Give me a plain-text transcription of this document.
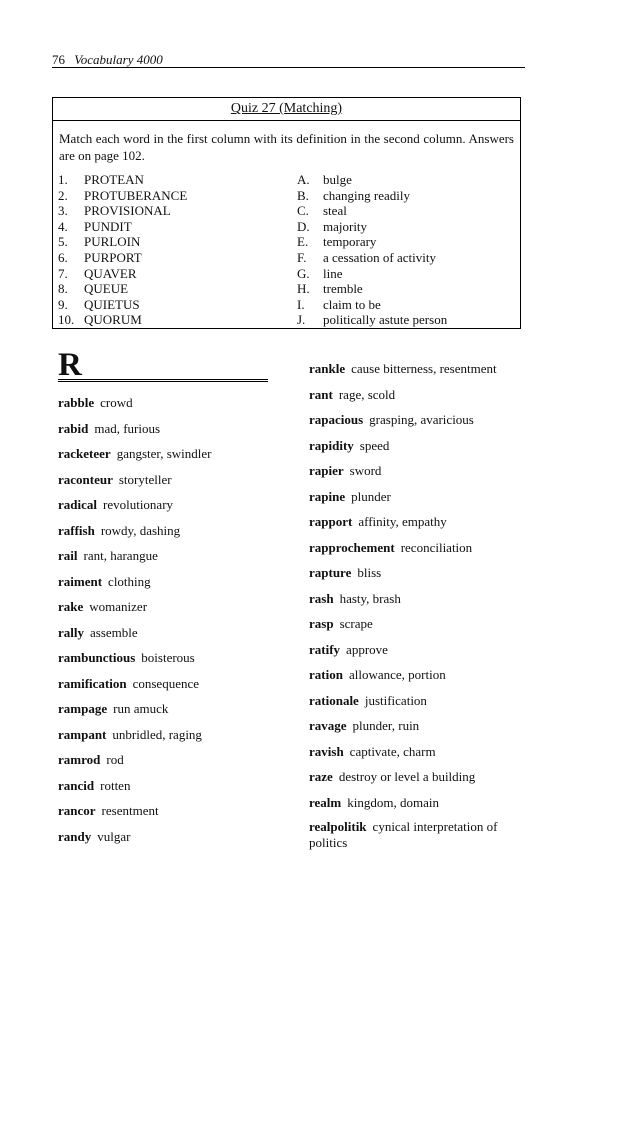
76 Vocabulary 4000
Quiz 27 (Matching)
Match each word in the first column with its definition in the second column. Answers are on page 102.
1. PROTEAN
2. PROTUBERANCE
3. PROVISIONAL
4. PUNDIT
5. PURLOIN
6. PURPORT
7. QUAVER
8. QUEUE
9. QUIETUS
10. QUORUM
A. bulge
B. changing readily
C. steal
D. majority
E. temporary
F. a cessation of activity
G. line
H. tremble
I. claim to be
J. politically astute person
R
rabble crowd
rabid mad, furious
racketeer gangster, swindler
raconteur storyteller
radical revolutionary
raffish rowdy, dashing
rail rant, harangue
raiment clothing
rake womanizer
rally assemble
rambunctious boisterous
ramification consequence
rampage run amuck
rampant unbridled, raging
ramrod rod
rancid rotten
rancor resentment
randy vulgar
rankle cause bitterness, resentment
rant rage, scold
rapacious grasping, avaricious
rapidity speed
rapier sword
rapine plunder
rapport affinity, empathy
rapprochement reconciliation
rapture bliss
rash hasty, brash
rasp scrape
ratify approve
ration allowance, portion
rationale justification
ravage plunder, ruin
ravish captivate, charm
raze destroy or level a building
realm kingdom, domain
realpolitik cynical interpretation of politics
